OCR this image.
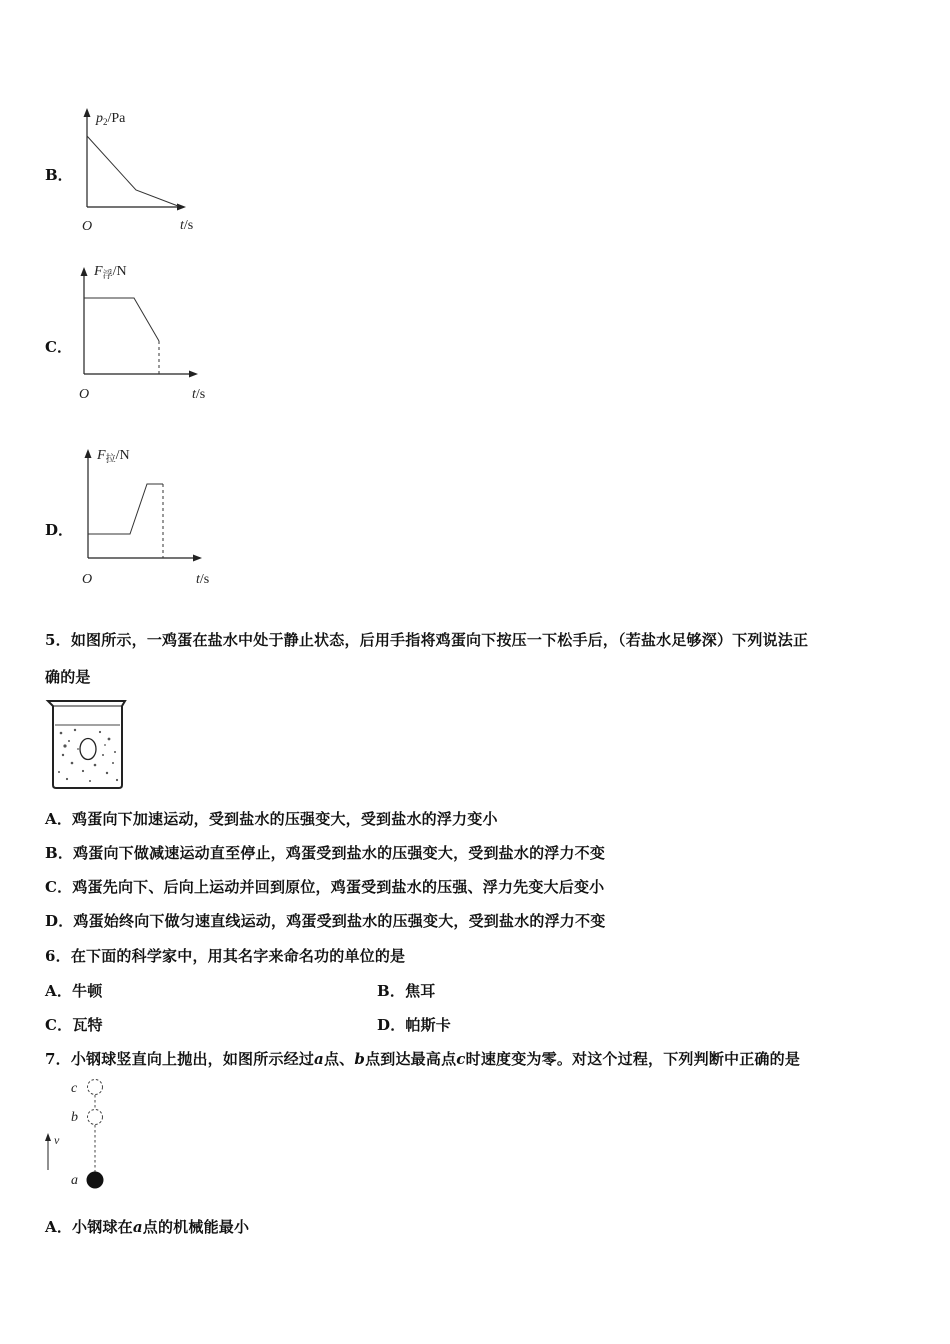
B．
$p_2/Pa$
O	t/s
C．
$F_浮/N$
O	t/s
D．
$F_拉/N$
O	t/s
5．如图所示，一鸡蛋在盐水中处于静止状态，后用手指将鸡蛋向下按压一下松手后，（若盐水足够深）下列说法正
确的是
A．鸡蛋向下加速运动，受到盐水的压强变大，受到盐水的浮力变小
B．鸡蛋向下做减速运动直至停止，鸡蛋受到盐水的压强变大，受到盐水的浮力不变
C．鸡蛋先向下、后向上运动并回到原位，鸡蛋受到盐水的压强、浮力先变大后变小
D．鸡蛋始终向下做匀速直线运动，鸡蛋受到盐水的压强变大，受到盐水的浮力不变
6．在下面的科学家中，用其名字来命名功的单位的是
A．牛顿	B．焦耳
C．瓦特	D．帕斯卡
7．小钢球竖直向上抛出，如图所示经过a点、b点到达最高点c时速度变为零。对这个过程，下列判断中正确的是
c
b
v
a
A．小钢球在a点的机械能最小
